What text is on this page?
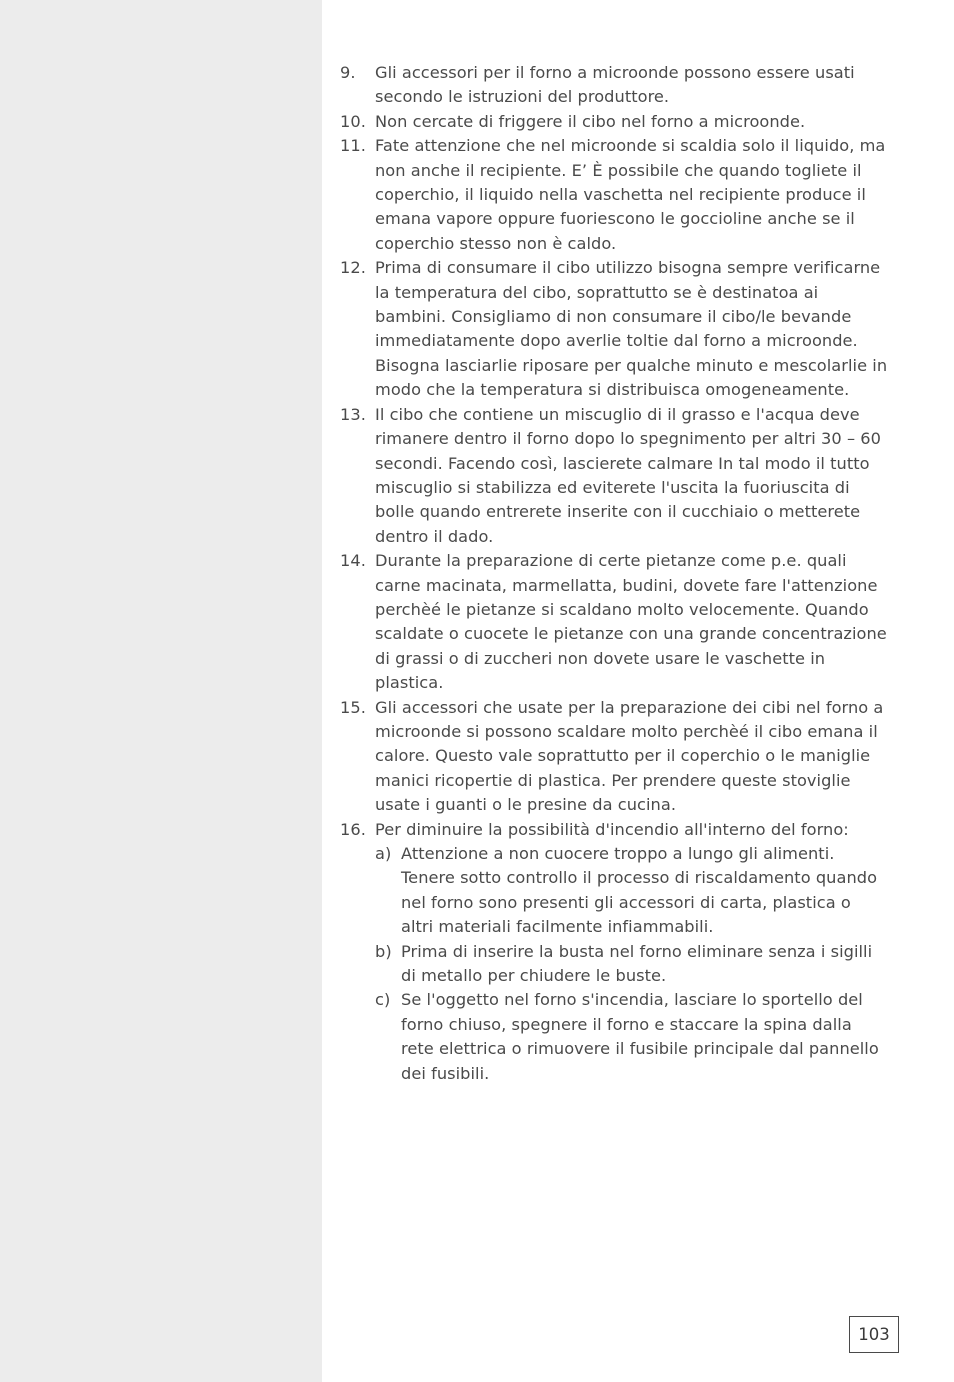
9. Gli accessori per il forno a microonde possono essere usati secondo le istruzioni del produttore.
10. Non cercate di friggere il cibo nel forno a microonde.
11. Fate attenzione che nel microonde si scaldia solo il liquido, ma non anche il recipiente. E’ È possibile che quando togliete il coperchio, il liquido nella vaschetta nel recipiente produce il emana vapore oppure fuoriescono le goccioline anche se il coperchio stesso non è caldo.
12. Prima di consumare il cibo utilizzo bisogna sempre verificarne la temperatura del cibo, soprattutto se è destinatoa ai bambini. Consigliamo di non consumare il cibo/le bevande immediatamente dopo averlie toltie dal forno a microonde. Bisogna lasciarlie riposare per qualche minuto e mescolarlie in modo che la temperatura si distribuisca omogeneamente.
13. Il cibo che contiene un miscuglio di il grasso e l'acqua deve rimanere dentro il forno dopo lo spegnimento per altri 30 – 60 secondi. Facendo così, lascierete calmare In tal modo il tutto miscuglio si stabilizza ed eviterete l'uscita la fuoriuscita di bolle quando entrerete inserite con il cucchiaio o metterete dentro il dado.
14. Durante la preparazione di certe pietanze come p.e. quali carne macinata, marmellatta, budini, dovete fare l'attenzione perchèé le pietanze si scaldano molto velocemente. Quando scaldate o cuocete le pietanze con una grande concentrazione di grassi o di zuccheri non dovete usare le vaschette in plastica.
15. Gli accessori che usate per la preparazione dei cibi nel forno a microonde si possono scaldare molto perchèé il cibo emana il calore. Questo vale soprattutto per il coperchio o le maniglie manici ricopertie di plastica. Per prendere queste stoviglie usate i guanti o le presine da cucina.
16. Per diminuire la possibilità d'incendio all'interno del forno:
a) Attenzione a non cuocere troppo a lungo gli alimenti. Tenere sotto controllo il processo di riscaldamento quando nel forno sono presenti gli accessori di carta, plastica o altri materiali facilmente infiammabili.
b) Prima di inserire la busta nel forno eliminare senza i sigilli di metallo per chiudere le buste.
c) Se l'oggetto nel forno s'incendia, lasciare lo sportello del forno chiuso, spegnere il forno e staccare la spina dalla rete elettrica o rimuovere il fusibile principale dal pannello dei fusibili.
103
